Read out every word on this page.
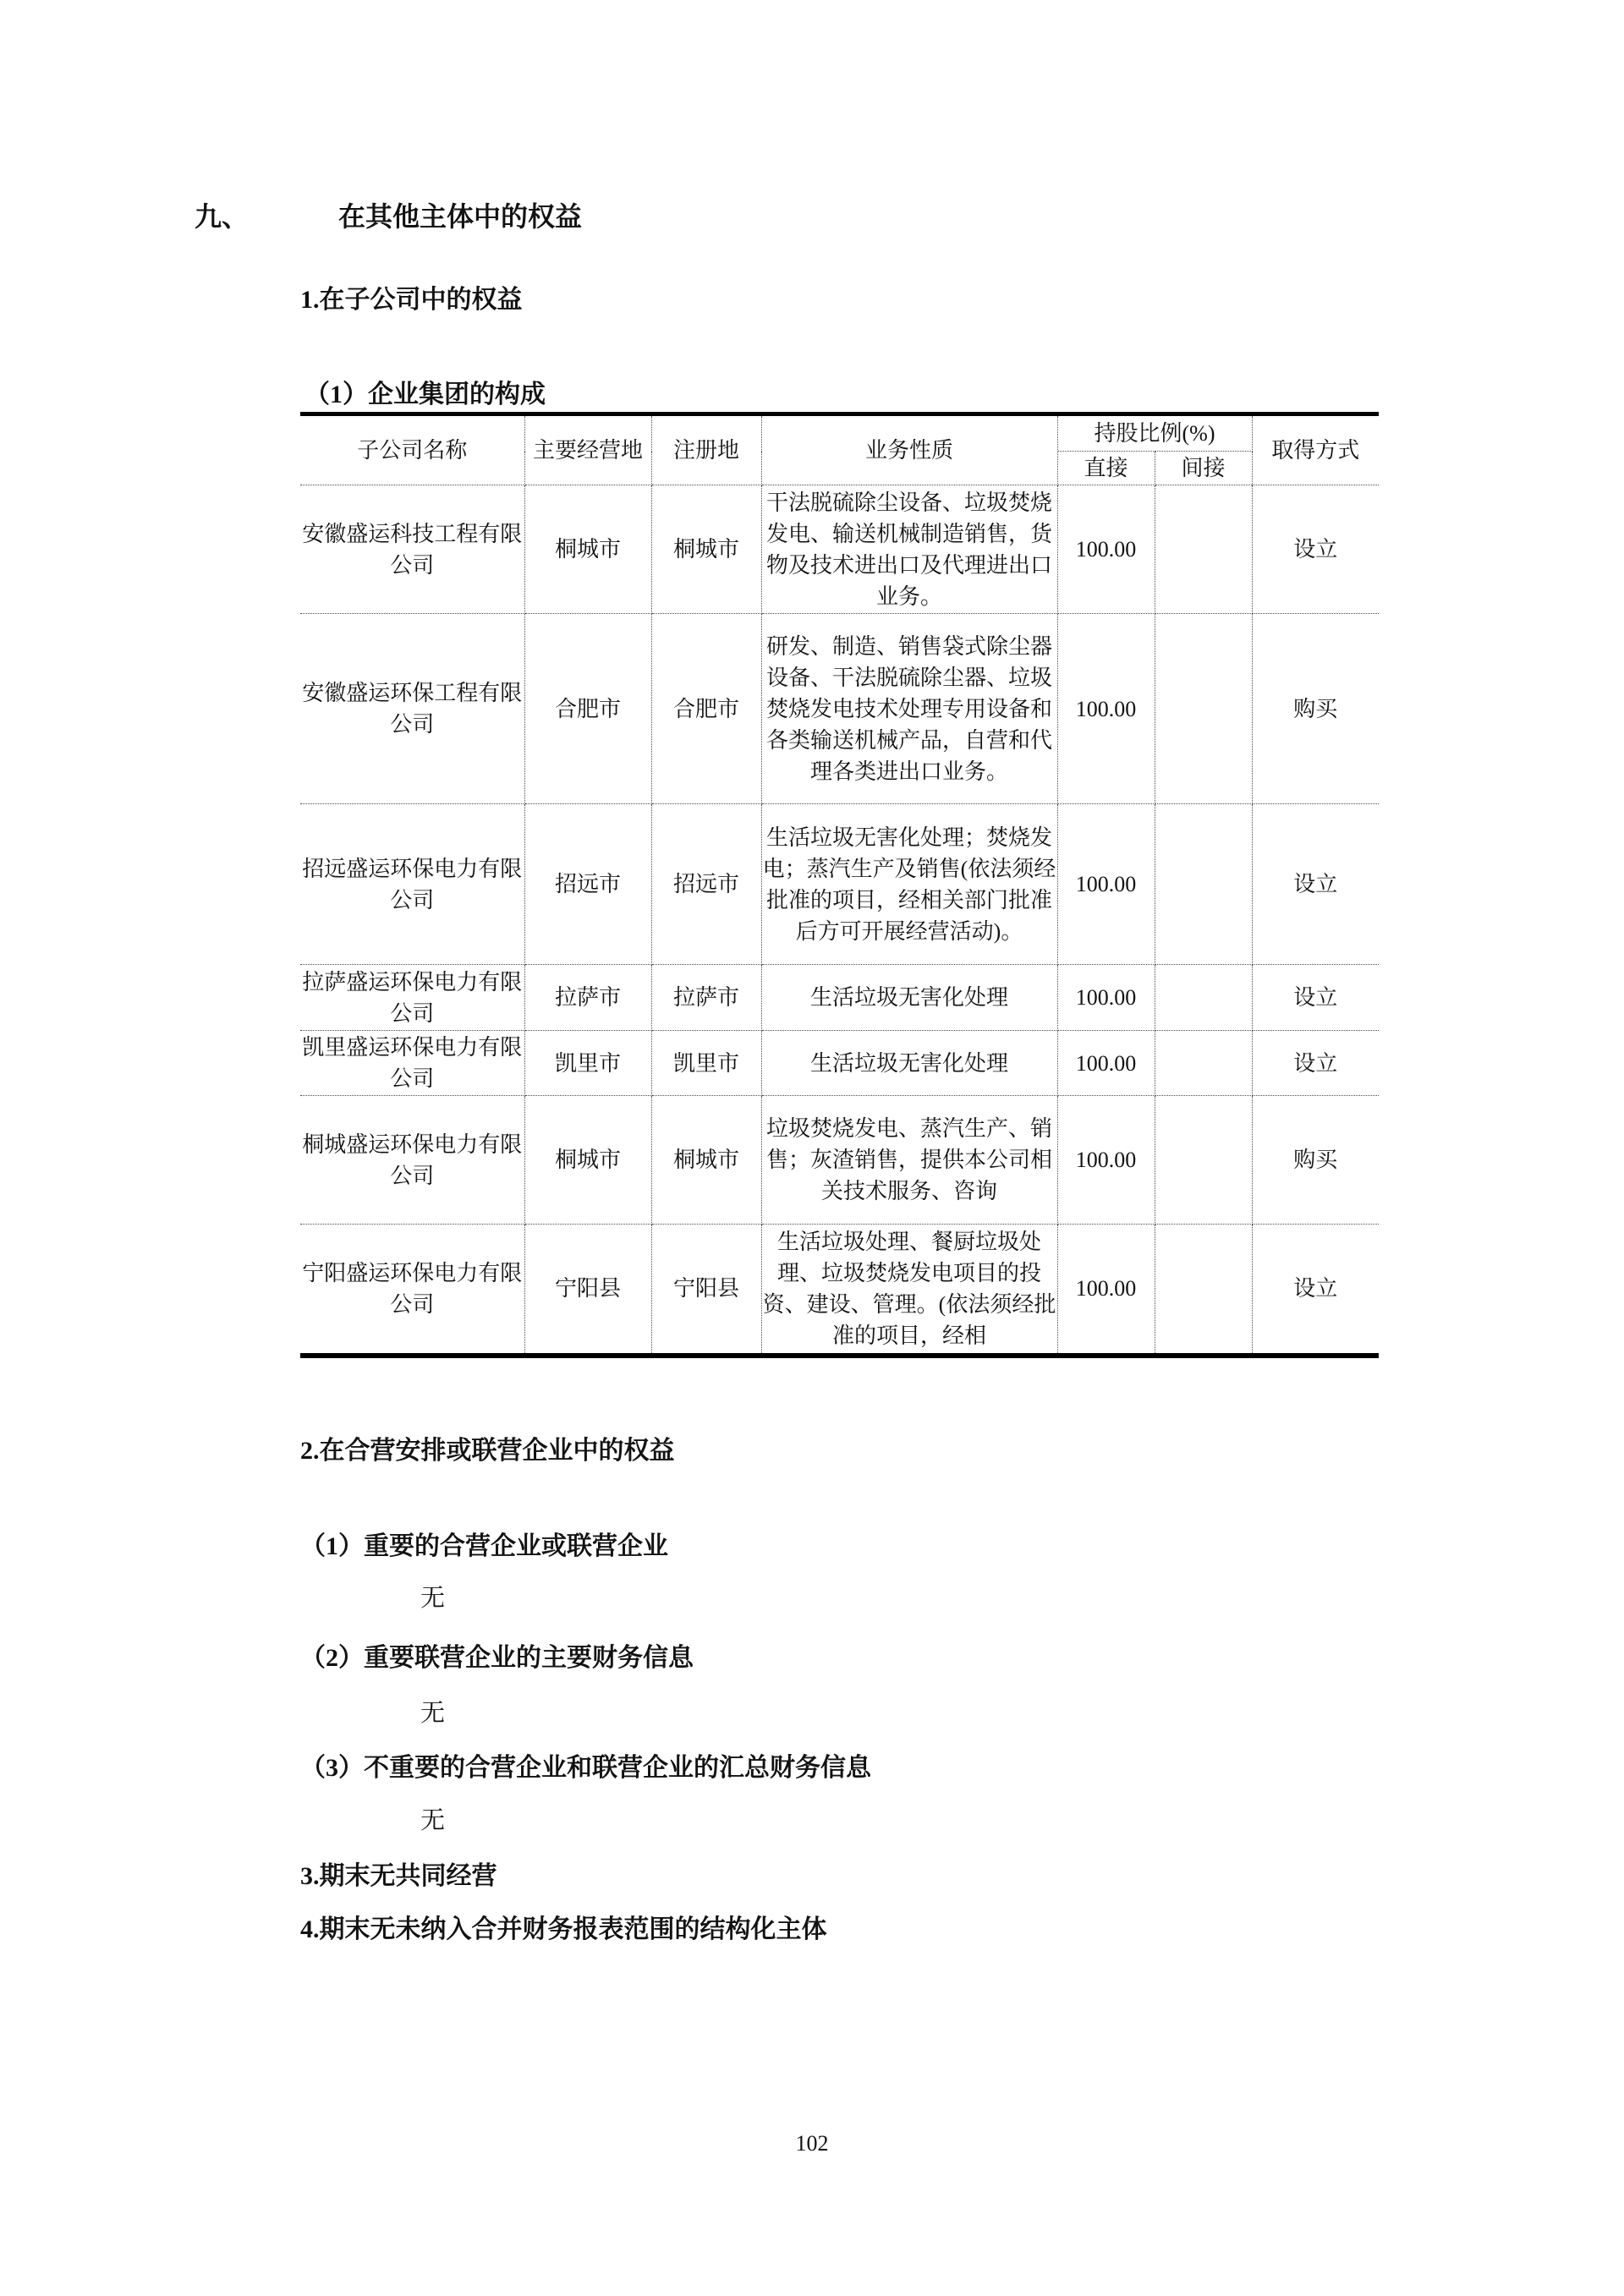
九、	在其他主体中的权益
1.在子公司中的权益
（1）企业集团的构成
子公司名称	主要经营地	注册地	业务性质	持股比例(%)		取得方式
				直接	间接	
安徽盛运科技工程有限公司	桐城市	桐城市	干法脱硫除尘设备、垃圾焚烧发电、输送机械制造销售，货物及技术进出口及代理进出口业务。	100.00		设立
安徽盛运环保工程有限公司	合肥市	合肥市	研发、制造、销售袋式除尘器设备、干法脱硫除尘器、垃圾焚烧发电技术处理专用设备和各类输送机械产品，自营和代理各类进出口业务。	100.00		购买
招远盛运环保电力有限公司	招远市	招远市	生活垃圾无害化处理；焚烧发电；蒸汽生产及销售(依法须经批准的项目，经相关部门批准后方可开展经营活动)。	100.00		设立
拉萨盛运环保电力有限公司	拉萨市	拉萨市	生活垃圾无害化处理	100.00		设立
凯里盛运环保电力有限公司	凯里市	凯里市	生活垃圾无害化处理	100.00		设立
桐城盛运环保电力有限公司	桐城市	桐城市	垃圾焚烧发电、蒸汽生产、销售；灰渣销售，提供本公司相关技术服务、咨询	100.00		购买
宁阳盛运环保电力有限公司	宁阳县	宁阳县	生活垃圾处理、餐厨垃圾处理、垃圾焚烧发电项目的投资、建设、管理。(依法须经批准的项目，经相	100.00		设立
2.在合营安排或联营企业中的权益
（1）重要的合营企业或联营企业
无
（2）重要联营企业的主要财务信息
无
（3）不重要的合营企业和联营企业的汇总财务信息
无
3.期末无共同经营
4.期末无未纳入合并财务报表范围的结构化主体
102
